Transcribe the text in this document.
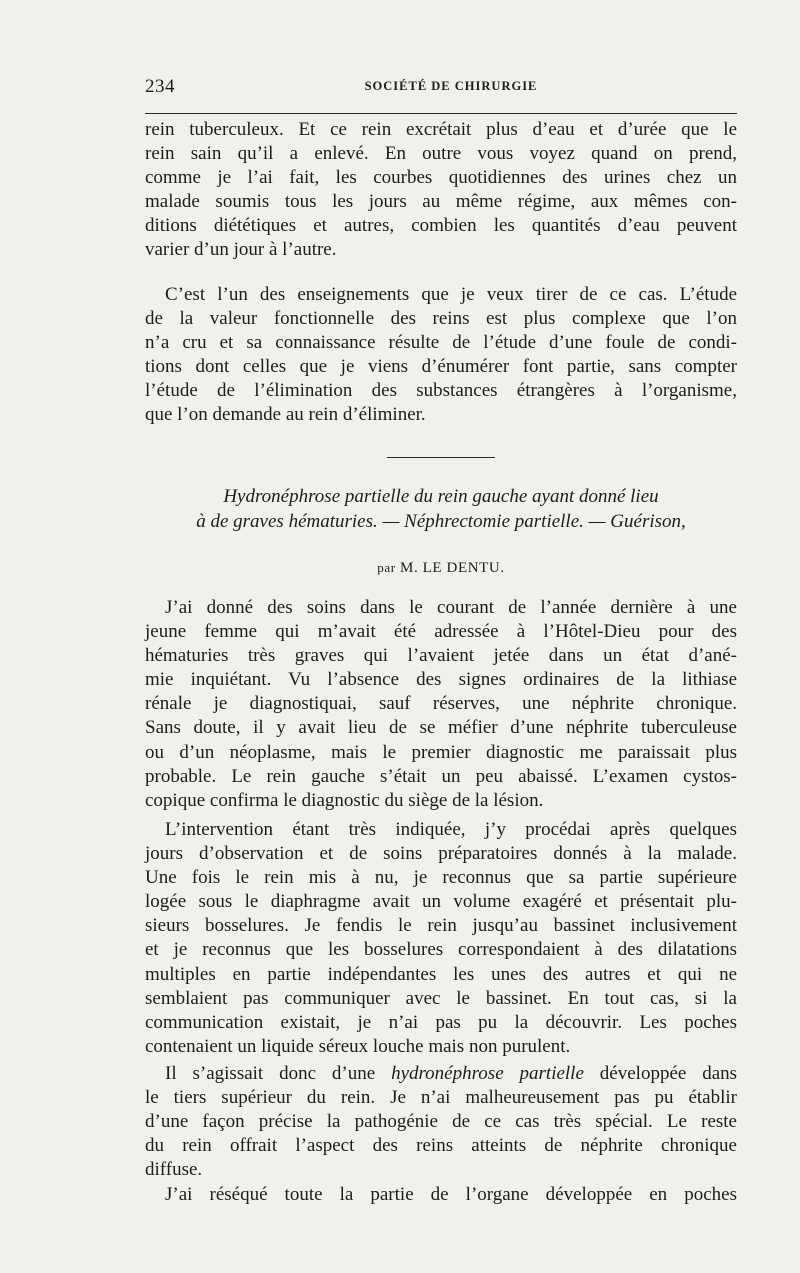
234	SOCIÉTÉ DE CHIRURGIE
rein tuberculeux. Et ce rein excrétait plus d’eau et d’urée que le
rein sain qu’il a enlevé. En outre vous voyez quand on prend,
comme je l’ai fait, les courbes quotidiennes des urines chez un
malade soumis tous les jours au même régime, aux mêmes con-
ditions diététiques et autres, combien les quantités d’eau peuvent
varier d’un jour à l’autre.
C’est l’un des enseignements que je veux tirer de ce cas. L’étude
de la valeur fonctionnelle des reins est plus complexe que l’on
n’a cru et sa connaissance résulte de l’étude d’une foule de condi-
tions dont celles que je viens d’énumérer font partie, sans compter
l’étude de l’élimination des substances étrangères à l’organisme,
que l’on demande au rein d’éliminer.
Hydronéphrose partielle du rein gauche ayant donné lieu
à de graves hématuries. — Néphrectomie partielle. — Guérison,
par M. LE DENTU.
J’ai donné des soins dans le courant de l’année dernière à une
jeune femme qui m’avait été adressée à l’Hôtel-Dieu pour des
hématuries très graves qui l’avaient jetée dans un état d’ané-
mie inquiétant. Vu l’absence des signes ordinaires de la lithiase
rénale je diagnostiquai, sauf réserves, une néphrite chronique.
Sans doute, il y avait lieu de se méfier d’une néphrite tuberculeuse
ou d’un néoplasme, mais le premier diagnostic me paraissait plus
probable. Le rein gauche s’était un peu abaissé. L’examen cystos-
copique confirma le diagnostic du siège de la lésion.
L’intervention étant très indiquée, j’y procédai après quelques
jours d’observation et de soins préparatoires donnés à la malade.
Une fois le rein mis à nu, je reconnus que sa partie supérieure
logée sous le diaphragme avait un volume exagéré et présentait plu-
sieurs bosselures. Je fendis le rein jusqu’au bassinet inclusivement
et je reconnus que les bosselures correspondaient à des dilatations
multiples en partie indépendantes les unes des autres et qui ne
semblaient pas communiquer avec le bassinet. En tout cas, si la
communication existait, je n’ai pas pu la découvrir. Les poches
contenaient un liquide séreux louche mais non purulent.
Il s’agissait donc d’une hydronéphrose partielle développée dans
le tiers supérieur du rein. Je n’ai malheureusement pas pu établir
d’une façon précise la pathogénie de ce cas très spécial. Le reste
du rein offrait l’aspect des reins atteints de néphrite chronique
diffuse.
J’ai réséqué toute la partie de l’organe développée en poches
